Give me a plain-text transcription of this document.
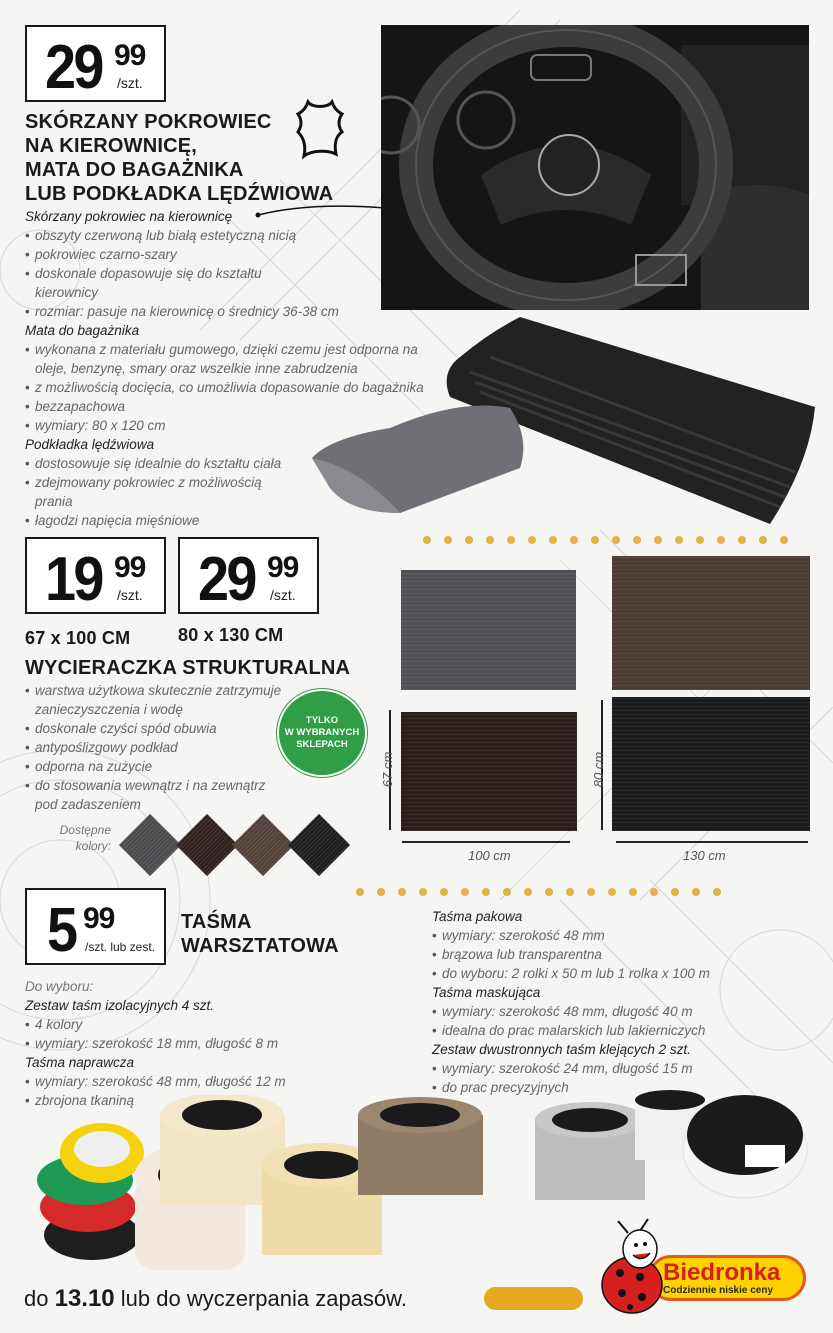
29 99
/szt.
SKÓRZANY POKROWIEC
NA KIEROWNICĘ,
MATA DO BAGAŻNIKA
LUB PODKŁADKA LĘDŹWIOWA
Skórzany pokrowiec na kierownicę
• obszyty czerwoną lub białą estetyczną nicią
• pokrowiec czarno-szary
• doskonale dopasowuje się do kształtu kierownicy
• rozmiar: pasuje na kierownicę o średnicy 36-38 cm
Mata do bagażnika
• wykonana z materiału gumowego, dzięki czemu jest odporna na oleje, benzynę, smary oraz wszelkie inne zabrudzenia
• z możliwością docięcia, co umożliwia dopasowanie do bagażnika
• bezzapachowa
• wymiary: 80 x 120 cm
Podkładka lędźwiowa
• dostosowuje się idealnie do kształtu ciała
• zdejmowany pokrowiec z możliwością prania
• łagodzi napięcia mięśniowe
19 99
/szt. 29 99
/szt.
67 x 100 CM	80 x 130 CM
WYCIERACZKA STRUKTURALNA
• warstwa użytkowa skutecznie zatrzymuje zanieczyszczenia i wodę
• doskonale czyści spód obuwia
• antypoślizgowy podkład
• odporna na zużycie
• do stosowania wewnątrz i na zewnątrz pod zadaszeniem
TYLKO
W WYBRANYCH
SKLEPACH
Dostępne
kolory:
67 cm
100 cm
80 cm
130 cm
5 99
/szt. lub zest.
TAŚMA
WARSZTATOWA
Do wyboru:
Zestaw taśm izolacyjnych 4 szt.
• 4 kolory
• wymiary: szerokość 18 mm, długość 8 m
Taśma naprawcza
• wymiary: szerokość 48 mm, długość 12 m
• zbrojona tkaniną
Taśma pakowa
• wymiary: szerokość 48 mm
• brązowa lub transparentna
• do wyboru: 2 rolki x 50 m lub 1 rolka x 100 m
Taśma maskująca
• wymiary: szerokość 48 mm, długość 40 m
• idealna do prac malarskich lub lakierniczych
Zestaw dwustronnych taśm klejących 2 szt.
• wymiary: szerokość 24 mm, długość 15 m
• do prac precyzyjnych
do 13.10 lub do wyczerpania zapasów.
Biedronka
Codziennie niskie ceny
